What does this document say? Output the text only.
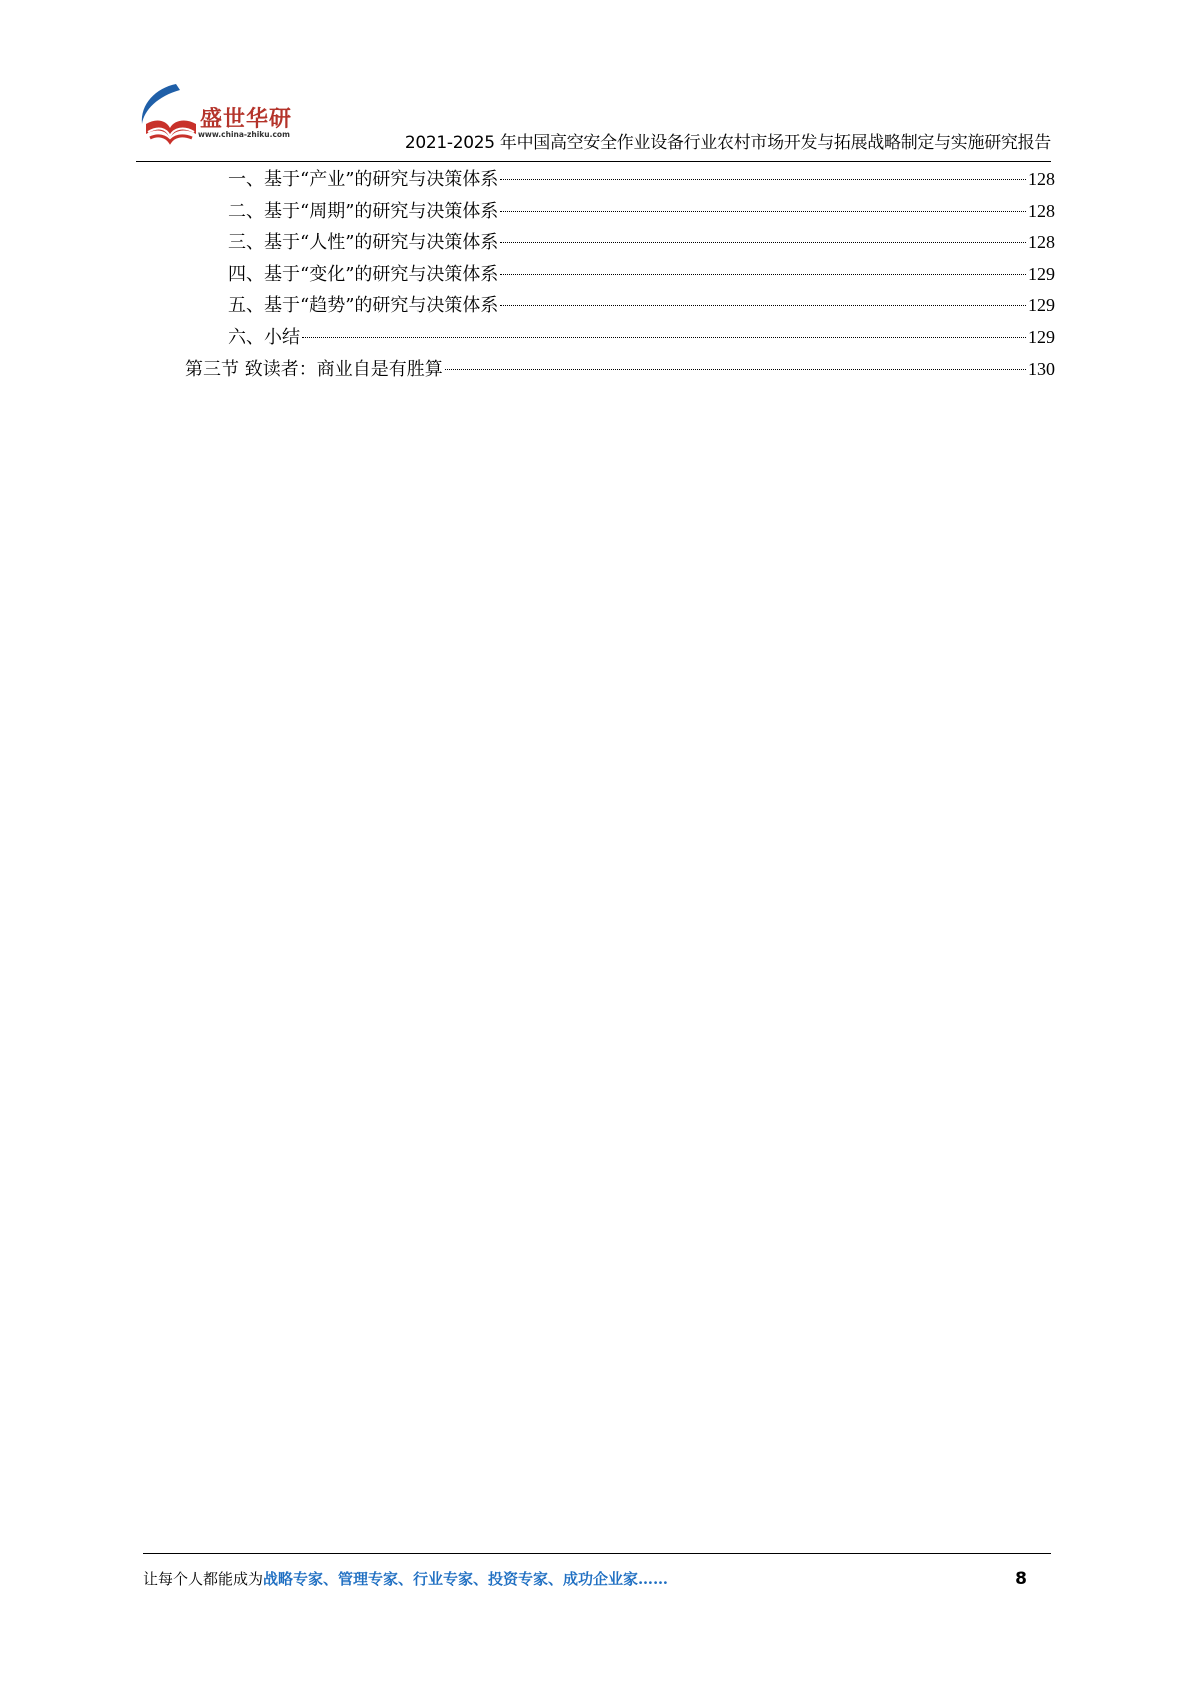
盛世华研
www.china-zhiku.com	2021-2025 年中国高空安全作业设备行业农村市场开发与拓展战略制定与实施研究报告
一、基于“产业”的研究与决策体系	128
二、基于“周期”的研究与决策体系	128
三、基于“人性”的研究与决策体系	128
四、基于“变化”的研究与决策体系	129
五、基于“趋势”的研究与决策体系	129
六、小结	129
第三节 致读者：商业自是有胜算	130
让每个人都能成为战略专家、管理专家、行业专家、投资专家、成功企业家……	8
